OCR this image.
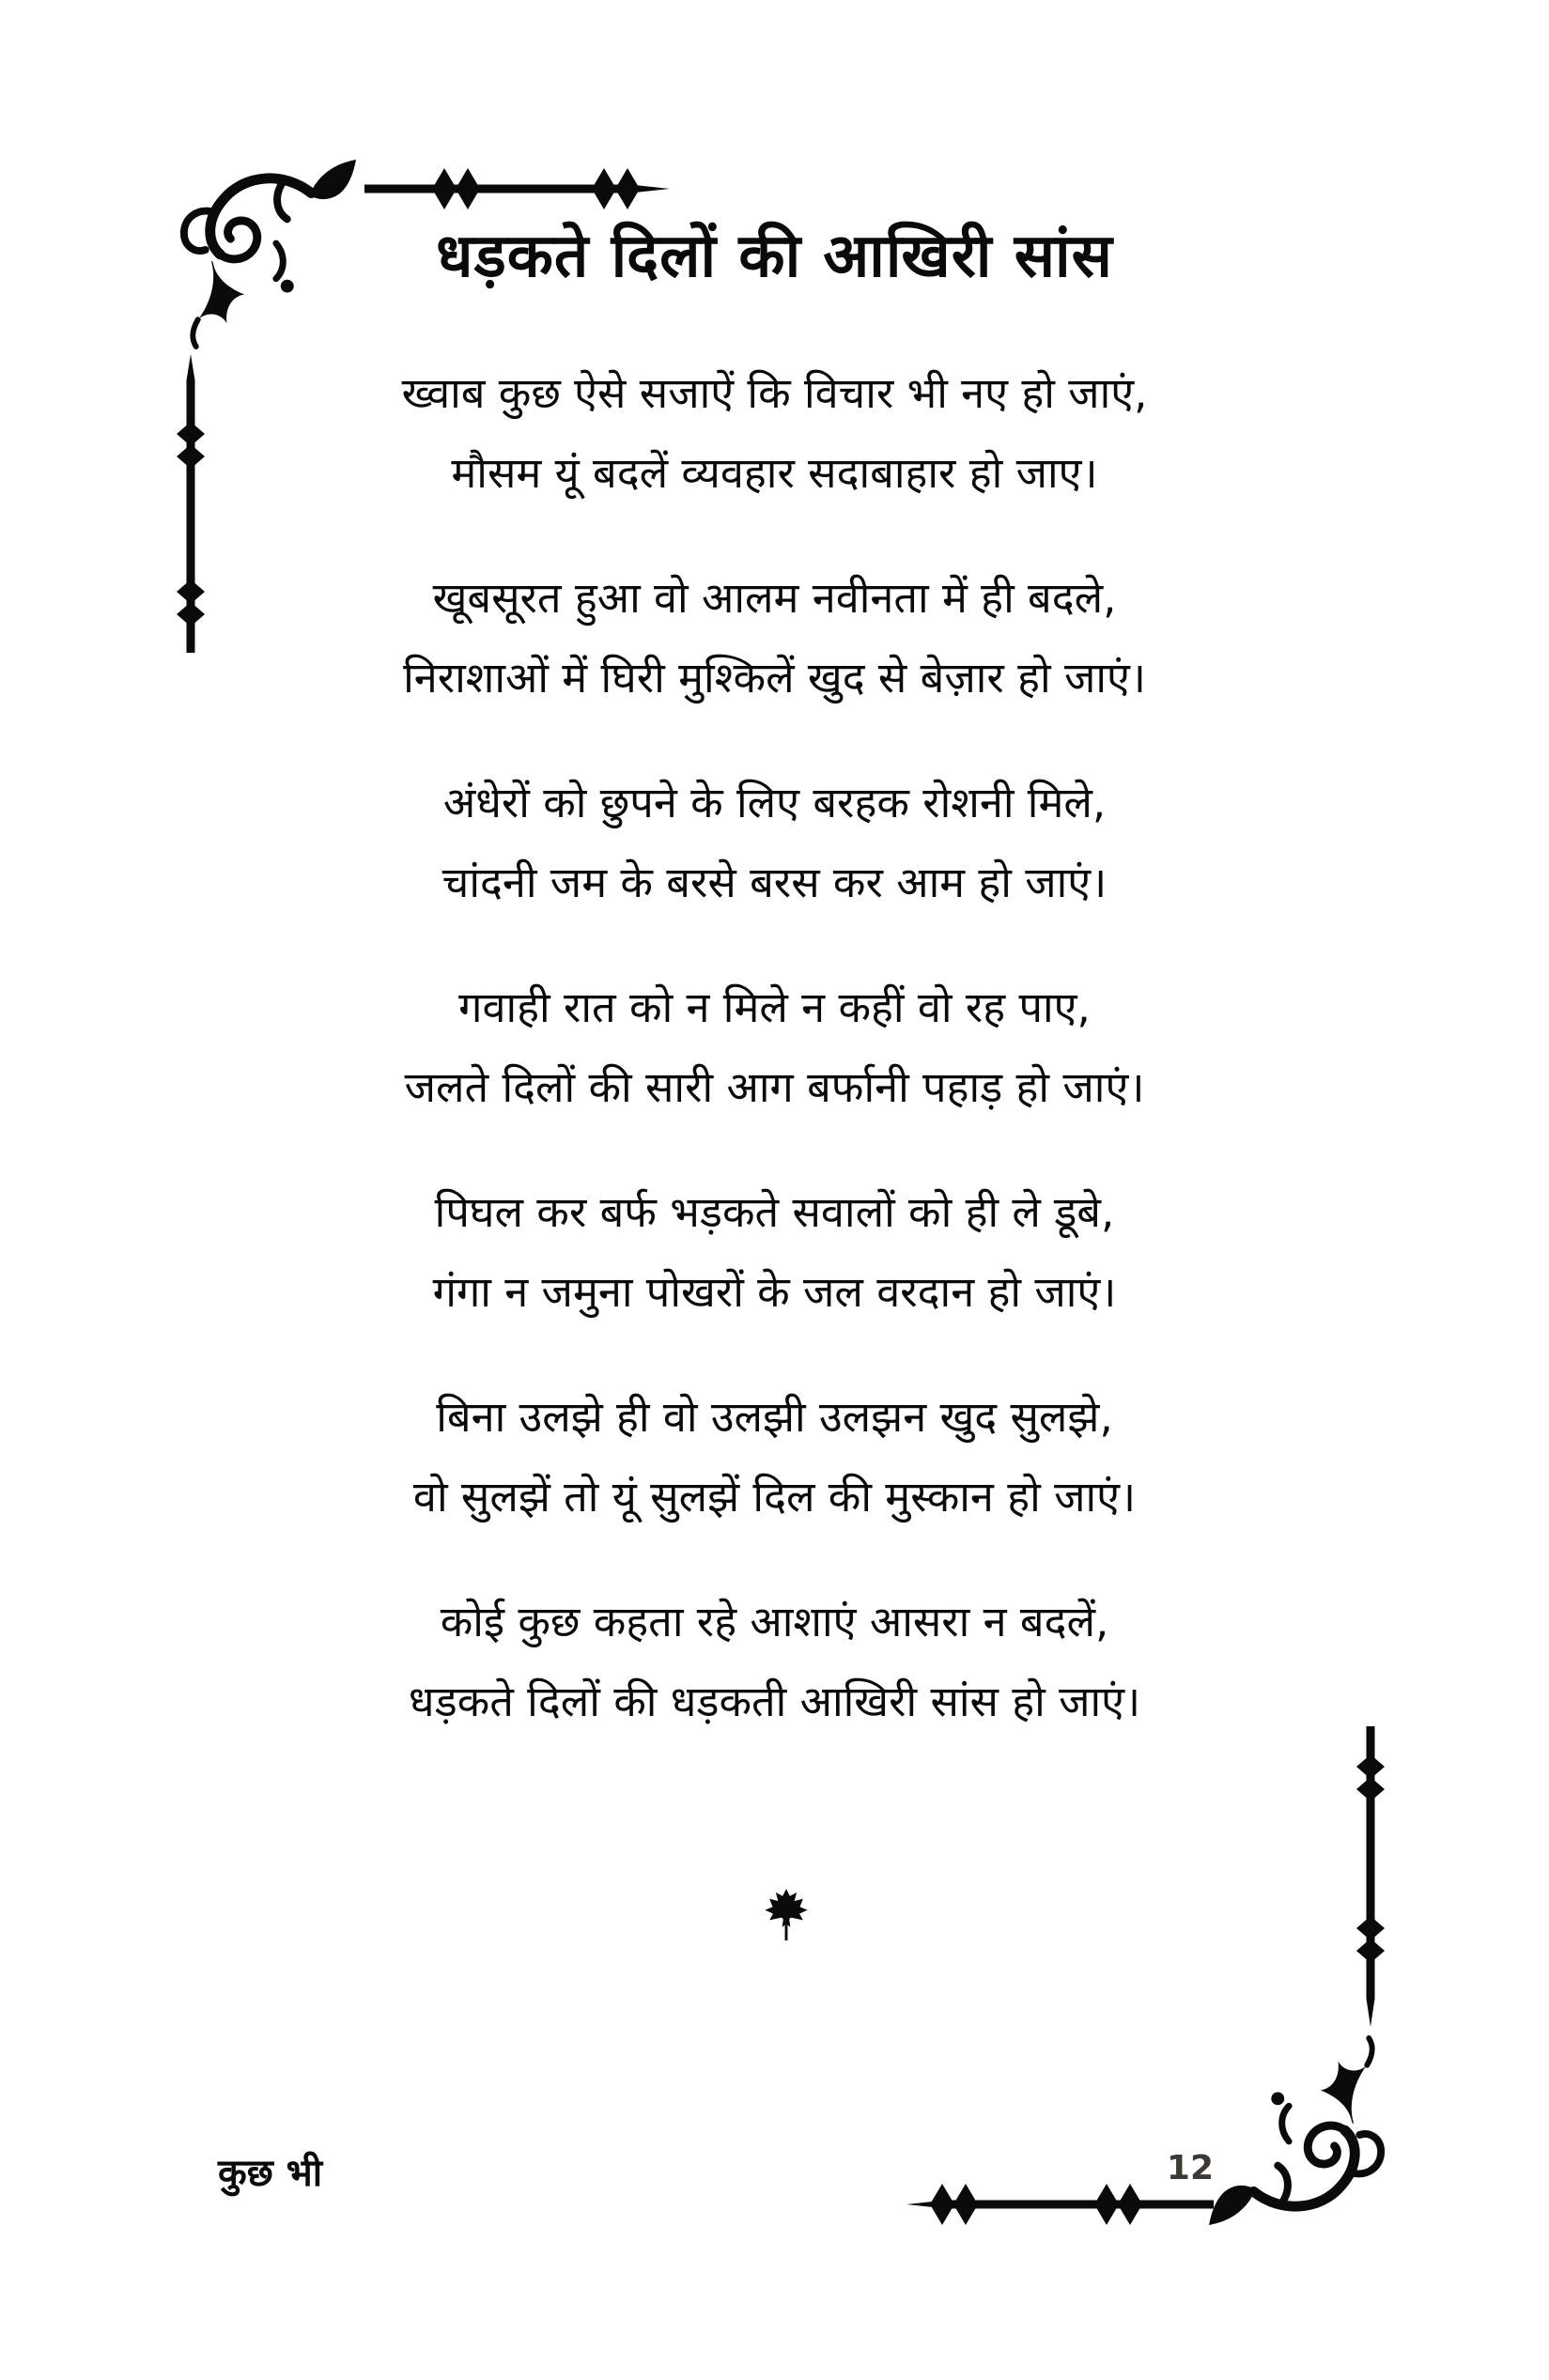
धड़कते दिलों की आखिरी सांस

ख्वाब कुछ ऐसे सजाऐं कि विचार भी नए हो जाएं,

मौसम यूं बदलें व्यवहार सदाबाहार हो जाए।

खूबसूरत हुआ वो आलम नवीनता में ही बदले,

निराशाओं में घिरी मुश्किलें खुद से बेज़ार हो जाएं।

अंधेरों को छुपने के लिए बरहक रोशनी मिले,

चांदनी जम के बरसे बरस कर आम हो जाएं।

गवाही रात को न मिले न कहीं वो रह पाए,

जलते दिलों की सारी आग बर्फानी पहाड़ हो जाएं।

पिघल कर बर्फ भड़कते सवालों को ही ले डूबे,

गंगा न जमुना पोखरों के जल वरदान हो जाएं।

बिना उलझे ही वो उलझी उलझन खुद सुलझे,

वो सुलझें तो यूं सुलझें दिल की मुस्कान हो जाएं।

कोई कुछ कहता रहे आशाएं आसरा न बदलें,

धड़कते दिलों की धड़कती आखिरी सांस हो जाएं।

कुछ भी	12
